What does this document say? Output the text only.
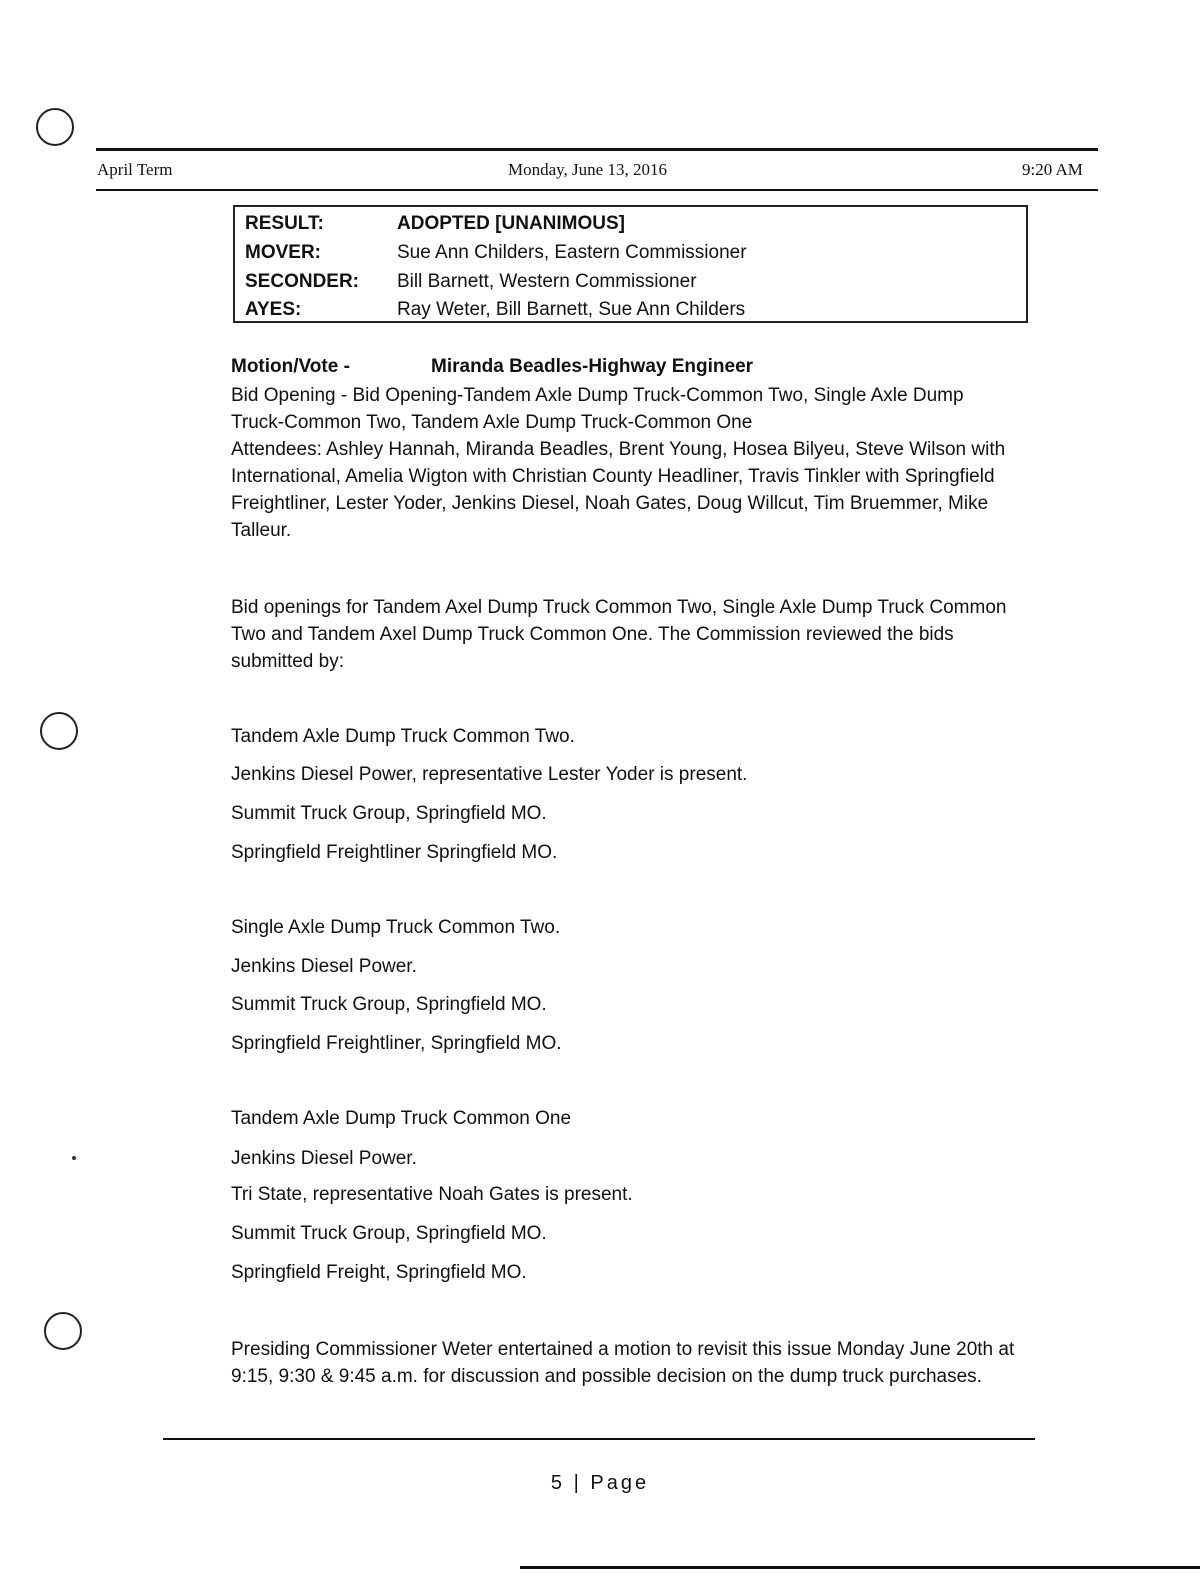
April Term	Monday, June 13, 2016	9:20 AM
RESULT:	ADOPTED [UNANIMOUS]
MOVER:	Sue Ann Childers, Eastern Commissioner
SECONDER:	Bill Barnett, Western Commissioner
AYES:	Ray Weter, Bill Barnett, Sue Ann Childers
Motion/Vote -	Miranda Beadles-Highway Engineer
Bid Opening - Bid Opening-Tandem Axle Dump Truck-Common Two, Single Axle Dump Truck-Common Two, Tandem Axle Dump Truck-Common One
Attendees: Ashley Hannah, Miranda Beadles, Brent Young, Hosea Bilyeu, Steve Wilson with International, Amelia Wigton with Christian County Headliner, Travis Tinkler with Springfield Freightliner, Lester Yoder, Jenkins Diesel, Noah Gates, Doug Willcut, Tim Bruemmer, Mike Talleur.
Bid openings for Tandem Axel Dump Truck Common Two, Single Axle Dump Truck Common Two and Tandem Axel Dump Truck Common One. The Commission reviewed the bids submitted by:
Tandem Axle Dump Truck Common Two.
Jenkins Diesel Power, representative Lester Yoder is present.
Summit Truck Group, Springfield MO.
Springfield Freightliner Springfield MO.
Single Axle Dump Truck Common Two.
Jenkins Diesel Power.
Summit Truck Group, Springfield MO.
Springfield Freightliner, Springfield MO.
Tandem Axle Dump Truck Common One
Jenkins Diesel Power.
Tri State, representative Noah Gates is present.
Summit Truck Group, Springfield MO.
Springfield Freight, Springfield MO.
Presiding Commissioner Weter entertained a motion to revisit this issue Monday June 20th at 9:15, 9:30 & 9:45 a.m. for discussion and possible decision on the dump truck purchases.
5 | Page
